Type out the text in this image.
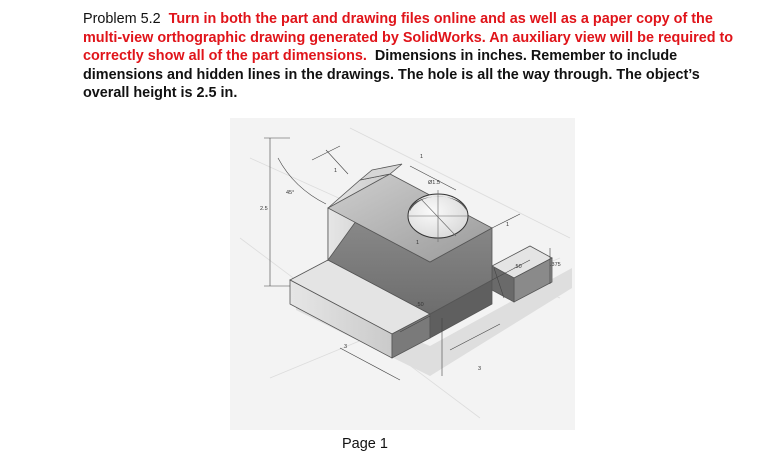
Problem 5.2 Turn in both the part and drawing files online and as well as a paper copy of the multi-view orthographic drawing generated by SolidWorks. An auxiliary view will be required to correctly show all of the part dimensions. Dimensions in inches. Remember to include dimensions and hidden lines in the drawings. The hole is all the way through. The object’s overall height is 2.5 in.

2.5
45°
1
Ø1.5
1
1
1
.50	.375
.50
3
3

Page 1
